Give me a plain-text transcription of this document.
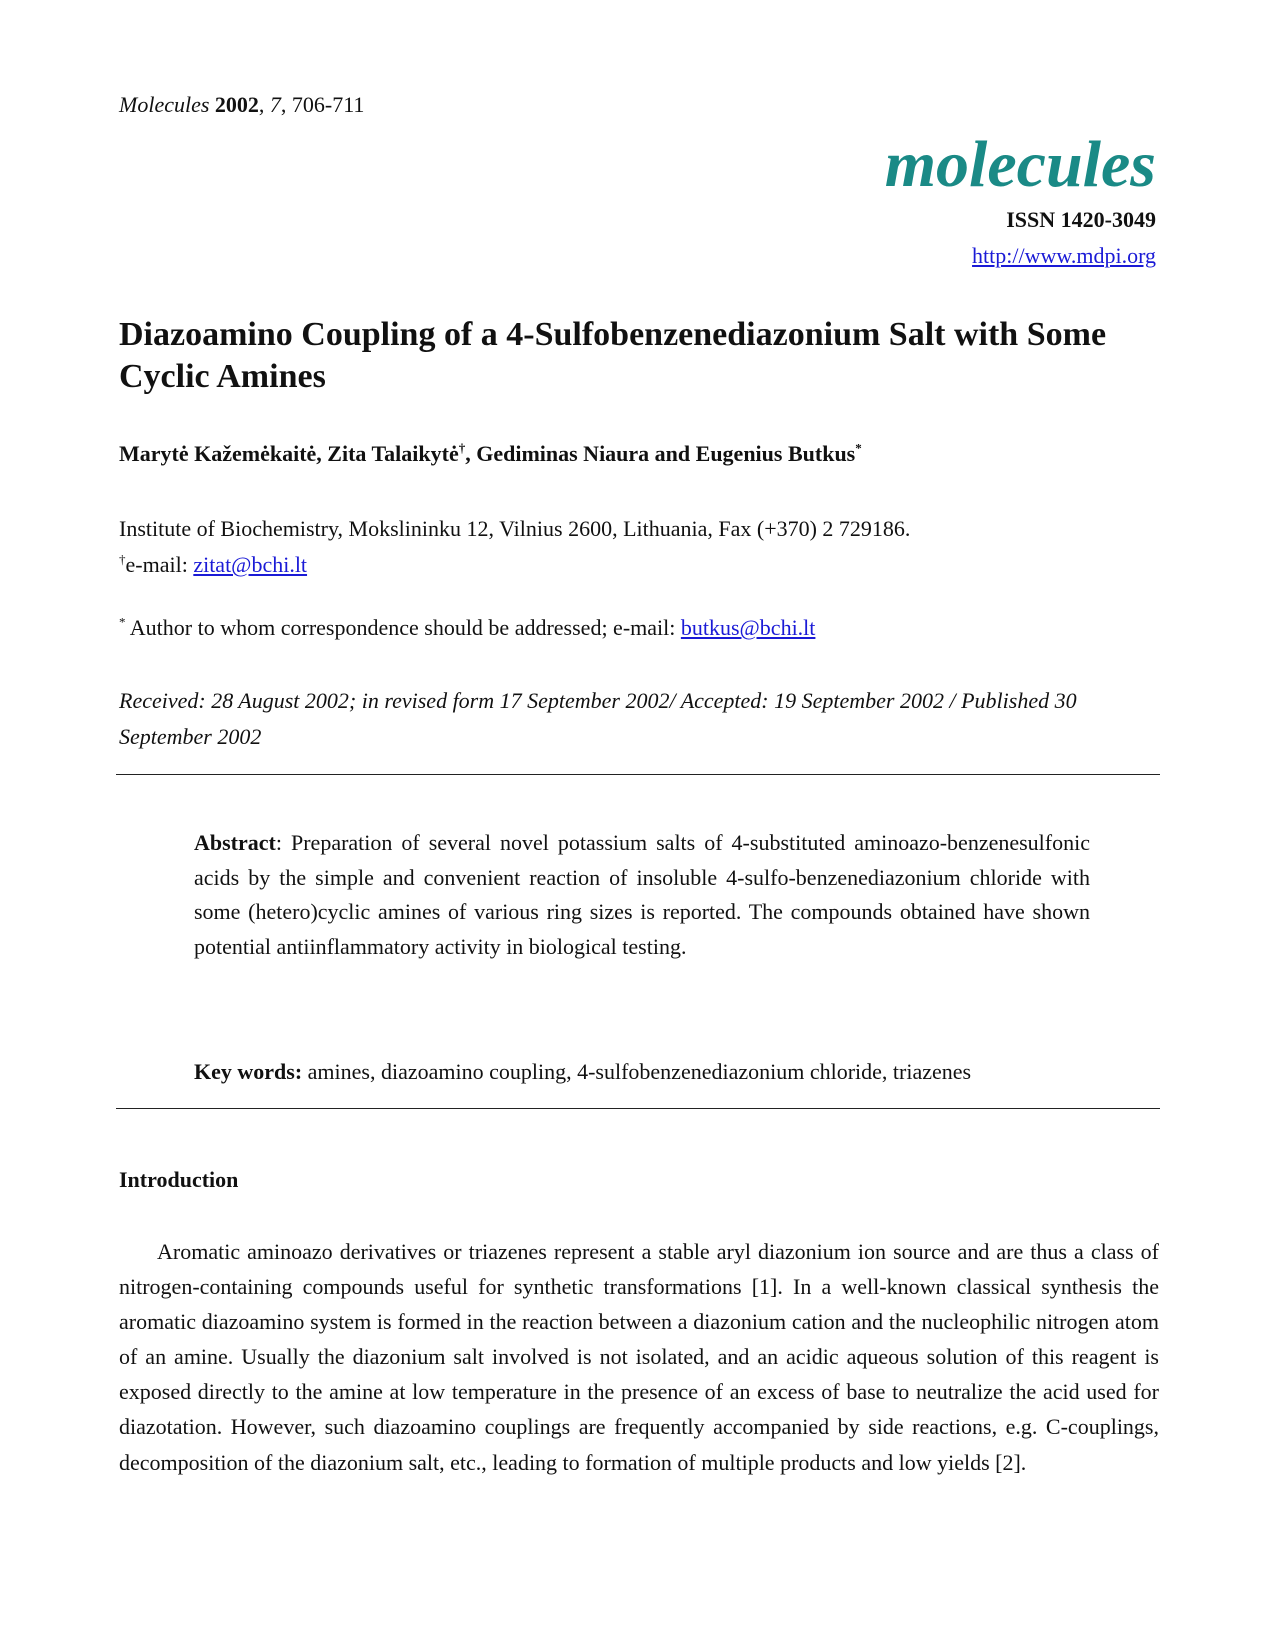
Molecules 2002, 7, 706-711
molecules
ISSN 1420-3049
http://www.mdpi.org
Diazoamino Coupling of a 4-Sulfobenzenediazonium Salt with Some Cyclic Amines
Marytė Kažemėkaitė, Zita Talaikytė†, Gediminas Niaura and Eugenius Butkus*
Institute of Biochemistry, Mokslininku 12, Vilnius 2600, Lithuania, Fax (+370) 2 729186.
†e-mail: zitat@bchi.lt
* Author to whom correspondence should be addressed; e-mail: butkus@bchi.lt
Received: 28 August 2002; in revised form 17 September 2002/ Accepted: 19 September 2002 / Published 30 September 2002
Abstract: Preparation of several novel potassium salts of 4-substituted aminoazo-benzenesulfonic acids by the simple and convenient reaction of insoluble 4-sulfo-benzenediazonium chloride with some (hetero)cyclic amines of various ring sizes is reported. The compounds obtained have shown potential antiinflammatory activity in biological testing.
Key words: amines, diazoamino coupling, 4-sulfobenzenediazonium chloride, triazenes
Introduction
Aromatic aminoazo derivatives or triazenes represent a stable aryl diazonium ion source and are thus a class of nitrogen-containing compounds useful for synthetic transformations [1]. In a well-known classical synthesis the aromatic diazoamino system is formed in the reaction between a diazonium cation and the nucleophilic nitrogen atom of an amine. Usually the diazonium salt involved is not isolated, and an acidic aqueous solution of this reagent is exposed directly to the amine at low temperature in the presence of an excess of base to neutralize the acid used for diazotation. However, such diazoamino couplings are frequently accompanied by side reactions, e.g. C-couplings, decomposition of the diazonium salt, etc., leading to formation of multiple products and low yields [2].
